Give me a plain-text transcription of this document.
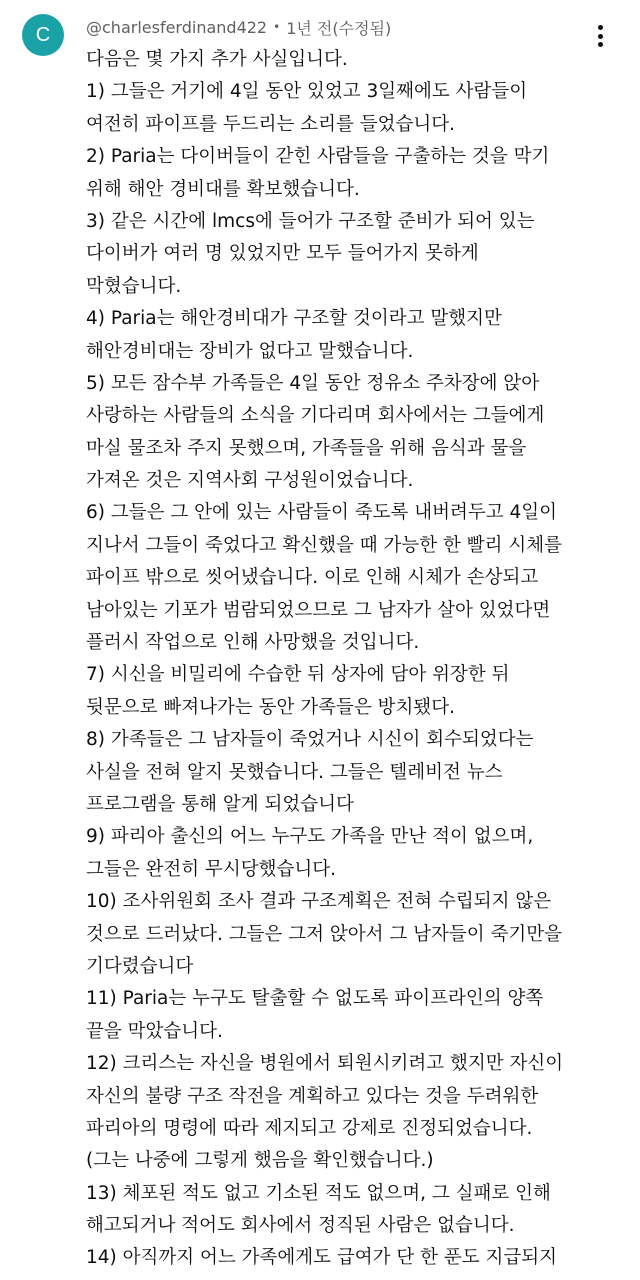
C @charlesferdinand422 • 1년 전(수정됨)
다음은 몇 가지 추가 사실입니다.
1) 그들은 거기에 4일 동안 있었고 3일째에도 사람들이
여전히 파이프를 두드리는 소리를 들었습니다.
2) Paria는 다이버들이 갇힌 사람들을 구출하는 것을 막기
위해 해안 경비대를 확보했습니다.
3) 같은 시간에 lmcs에 들어가 구조할 준비가 되어 있는
다이버가 여러 명 있었지만 모두 들어가지 못하게
막혔습니다.
4) Paria는 해안경비대가 구조할 것이라고 말했지만
해안경비대는 장비가 없다고 말했습니다.
5) 모든 잠수부 가족들은 4일 동안 정유소 주차장에 앉아
사랑하는 사람들의 소식을 기다리며 회사에서는 그들에게
마실 물조차 주지 못했으며, 가족들을 위해 음식과 물을
가져온 것은 지역사회 구성원이었습니다.
6) 그들은 그 안에 있는 사람들이 죽도록 내버려두고 4일이
지나서 그들이 죽었다고 확신했을 때 가능한 한 빨리 시체를
파이프 밖으로 씻어냈습니다. 이로 인해 시체가 손상되고
남아있는 기포가 범람되었으므로 그 남자가 살아 있었다면
플러시 작업으로 인해 사망했을 것입니다.
7) 시신을 비밀리에 수습한 뒤 상자에 담아 위장한 뒤
뒷문으로 빠져나가는 동안 가족들은 방치됐다.
8) 가족들은 그 남자들이 죽었거나 시신이 회수되었다는
사실을 전혀 알지 못했습니다. 그들은 텔레비전 뉴스
프로그램을 통해 알게 되었습니다
9) 파리아 출신의 어느 누구도 가족을 만난 적이 없으며,
그들은 완전히 무시당했습니다.
10) 조사위원회 조사 결과 구조계획은 전혀 수립되지 않은
것으로 드러났다. 그들은 그저 앉아서 그 남자들이 죽기만을
기다렸습니다
11) Paria는 누구도 탈출할 수 없도록 파이프라인의 양쪽
끝을 막았습니다.
12) 크리스는 자신을 병원에서 퇴원시키려고 했지만 자신이
자신의 불량 구조 작전을 계획하고 있다는 것을 두려워한
파리아의 명령에 따라 제지되고 강제로 진정되었습니다.
(그는 나중에 그렇게 했음을 확인했습니다.)
13) 체포된 적도 없고 기소된 적도 없으며, 그 실패로 인해
해고되거나 적어도 회사에서 정직된 사람은 없습니다.
14) 아직까지 어느 가족에게도 급여가 단 한 푼도 지급되지
